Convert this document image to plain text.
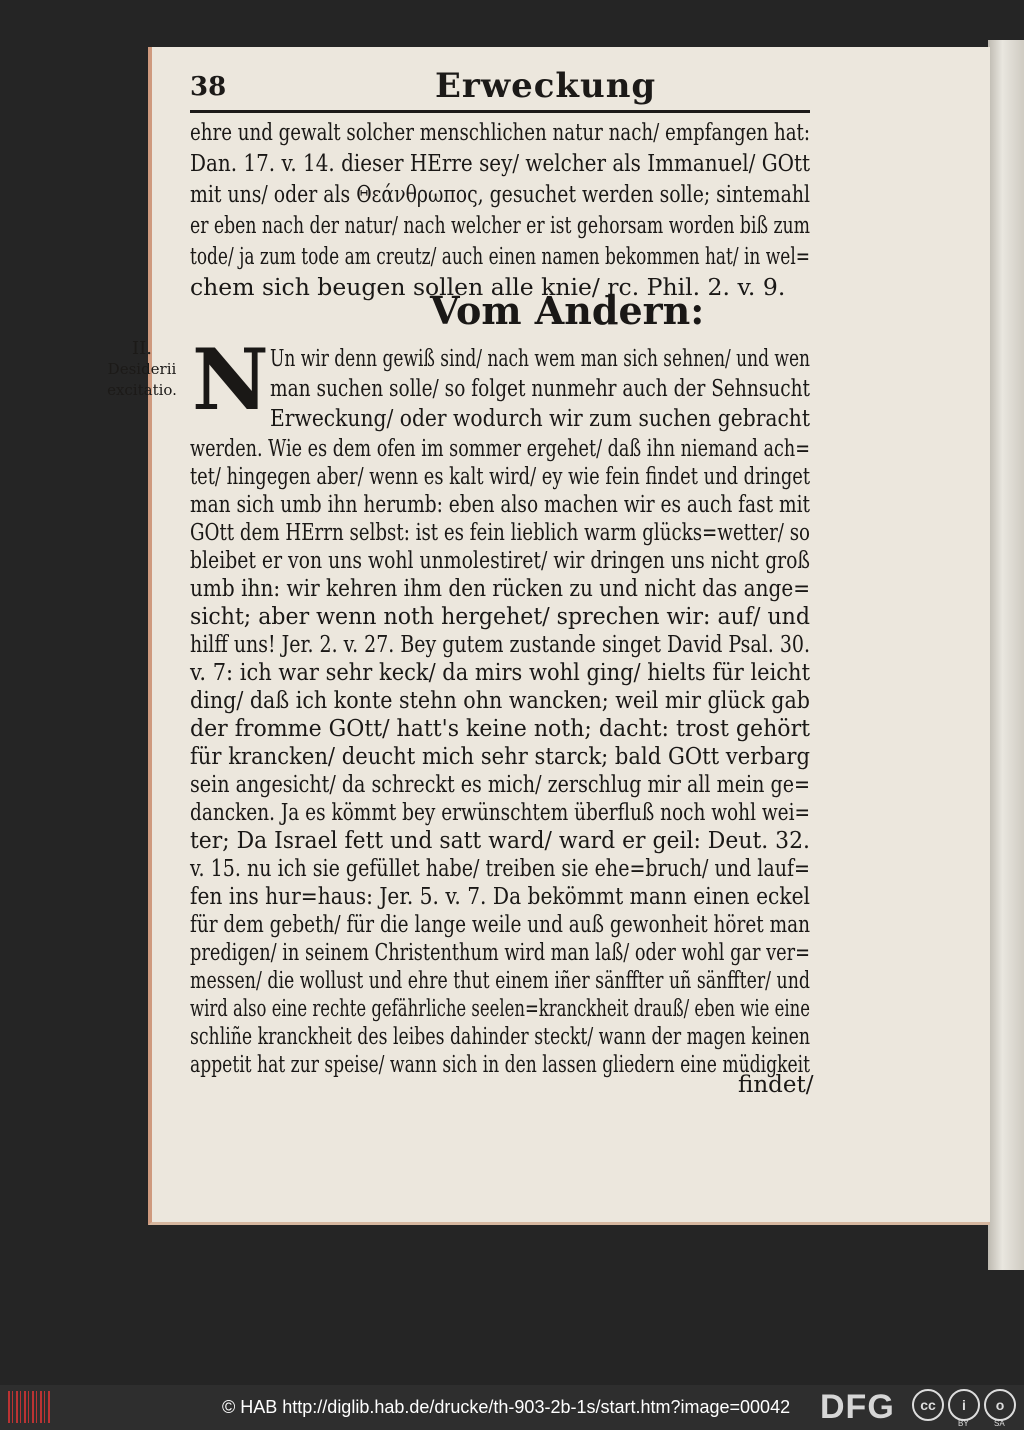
38	Erweckung
II.
Desiderii
excitatio.
ehre und gewalt solcher menschlichen natur nach/ empfangen hat:
Dan. 17. v. 14. dieser HErre sey/ welcher als Immanuel/ GOtt
mit uns/ oder als Θεάνθρωπος, gesuchet werden solle; sintemahl
er eben nach der natur/ nach welcher er ist gehorsam worden biß zum
tode/ ja zum tode am creutz/ auch einen namen bekommen hat/ in wel=
chem sich beugen sollen alle knie/ rc. Phil. 2. v. 9.
Vom Andern:
N Un wir denn gewiß sind/ nach wem man sich sehnen/ und wen
man suchen solle/ so folget nunmehr auch der Sehnsucht
Erweckung/ oder wodurch wir zum suchen gebracht
werden. Wie es dem ofen im sommer ergehet/ daß ihn niemand ach=
tet/ hingegen aber/ wenn es kalt wird/ ey wie fein findet und dringet
man sich umb ihn herumb: eben also machen wir es auch fast mit
GOtt dem HErrn selbst: ist es fein lieblich warm glücks=wetter/ so
bleibet er von uns wohl unmolestiret/ wir dringen uns nicht groß
umb ihn: wir kehren ihm den rücken zu und nicht das ange=
sicht; aber wenn noth hergehet/ sprechen wir: auf/ und
hilff uns! Jer. 2. v. 27. Bey gutem zustande singet David Psal. 30.
v. 7: ich war sehr keck/ da mirs wohl ging/ hielts für leicht
ding/ daß ich konte stehn ohn wancken; weil mir glück gab
der fromme GOtt/ hatt's keine noth; dacht: trost gehört
für krancken/ deucht mich sehr starck; bald GOtt verbarg
sein angesicht/ da schreckt es mich/ zerschlug mir all mein ge=
dancken. Ja es kömmt bey erwünschtem überfluß noch wohl wei=
ter; Da Israel fett und satt ward/ ward er geil: Deut. 32.
v. 15. nu ich sie gefüllet habe/ treiben sie ehe=bruch/ und lauf=
fen ins hur=haus: Jer. 5. v. 7. Da bekömmt mann einen eckel
für dem gebeth/ für die lange weile und auß gewonheit höret man
predigen/ in seinem Christenthum wird man laß/ oder wohl gar ver=
messen/ die wollust und ehre thut einem iñer sänffter uñ sänffter/ und
wird also eine rechte gefährliche seelen=kranckheit drauß/ eben wie eine
schliñe kranckheit des leibes dahinder steckt/ wann der magen keinen
appetit hat zur speise/ wann sich in den lassen gliedern eine müdigkeit
findet/
© HAB http://diglib.hab.de/drucke/th-903-2b-1s/start.htm?image=00042 DFG	cc	i o
BY	SA
